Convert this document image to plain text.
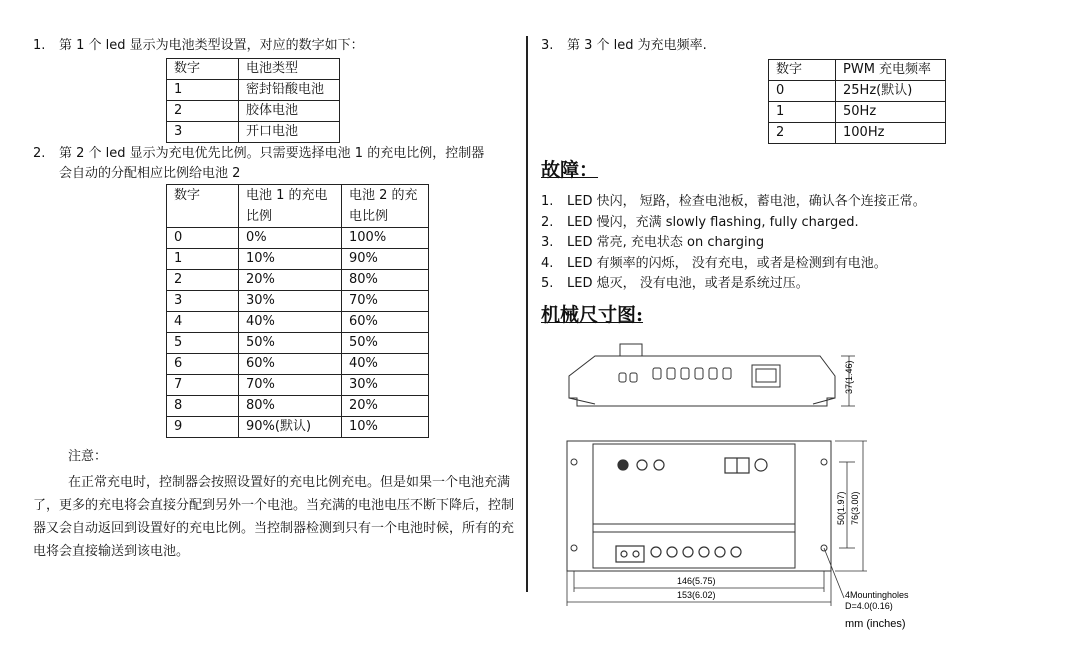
1. 第 1 个 led 显示为电池类型设置，对应的数字如下：

数字	电池类型
1	密封铅酸电池
2	胶体电池
3	开口电池

2. 第 2 个 led 显示为充电优先比例。只需要选择电池 1 的充电比例，控制器

会自动的分配相应比例给电池 2

数字	电池 1 的充电比例	电池 2 的充电比例
0	0%	100%
1	10%	90%
2	20%	80%
3	30%	70%
4	40%	60%
5	50%	50%
6	60%	40%
7	70%	30%
8	80%	20%
9	90%(默认)	10%

注意：

在正常充电时，控制器会按照设置好的充电比例充电。但是如果一个电池充满了，更多的充电将会直接分配到另外一个电池。当充满的电池电压不断下降后，控制器又会自动返回到设置好的充电比例。当控制器检测到只有一个电池时候，所有的充电将会直接输送到该电池。

3. 第 3 个 led 为充电频率.

数字	PWM 充电频率
0	25Hz(默认)
1	50Hz
2	100Hz
故障：

1. LED 快闪， 短路，检查电池板，蓄电池，确认各个连接正常。

2. LED 慢闪，充满 slowly flashing, fully charged.

3. LED 常亮, 充电状态 on charging

4. LED 有频率的闪烁， 没有充电，或者是检测到有电池。

5. LED 熄灭， 没有电池，或者是系统过压。

机械尺寸图:
37(1.46)
50(1.97) 76(3.00)
146(5.75)
153(6.02)	4Mountingholes
D=4.0(0.16)
mm (inches)
